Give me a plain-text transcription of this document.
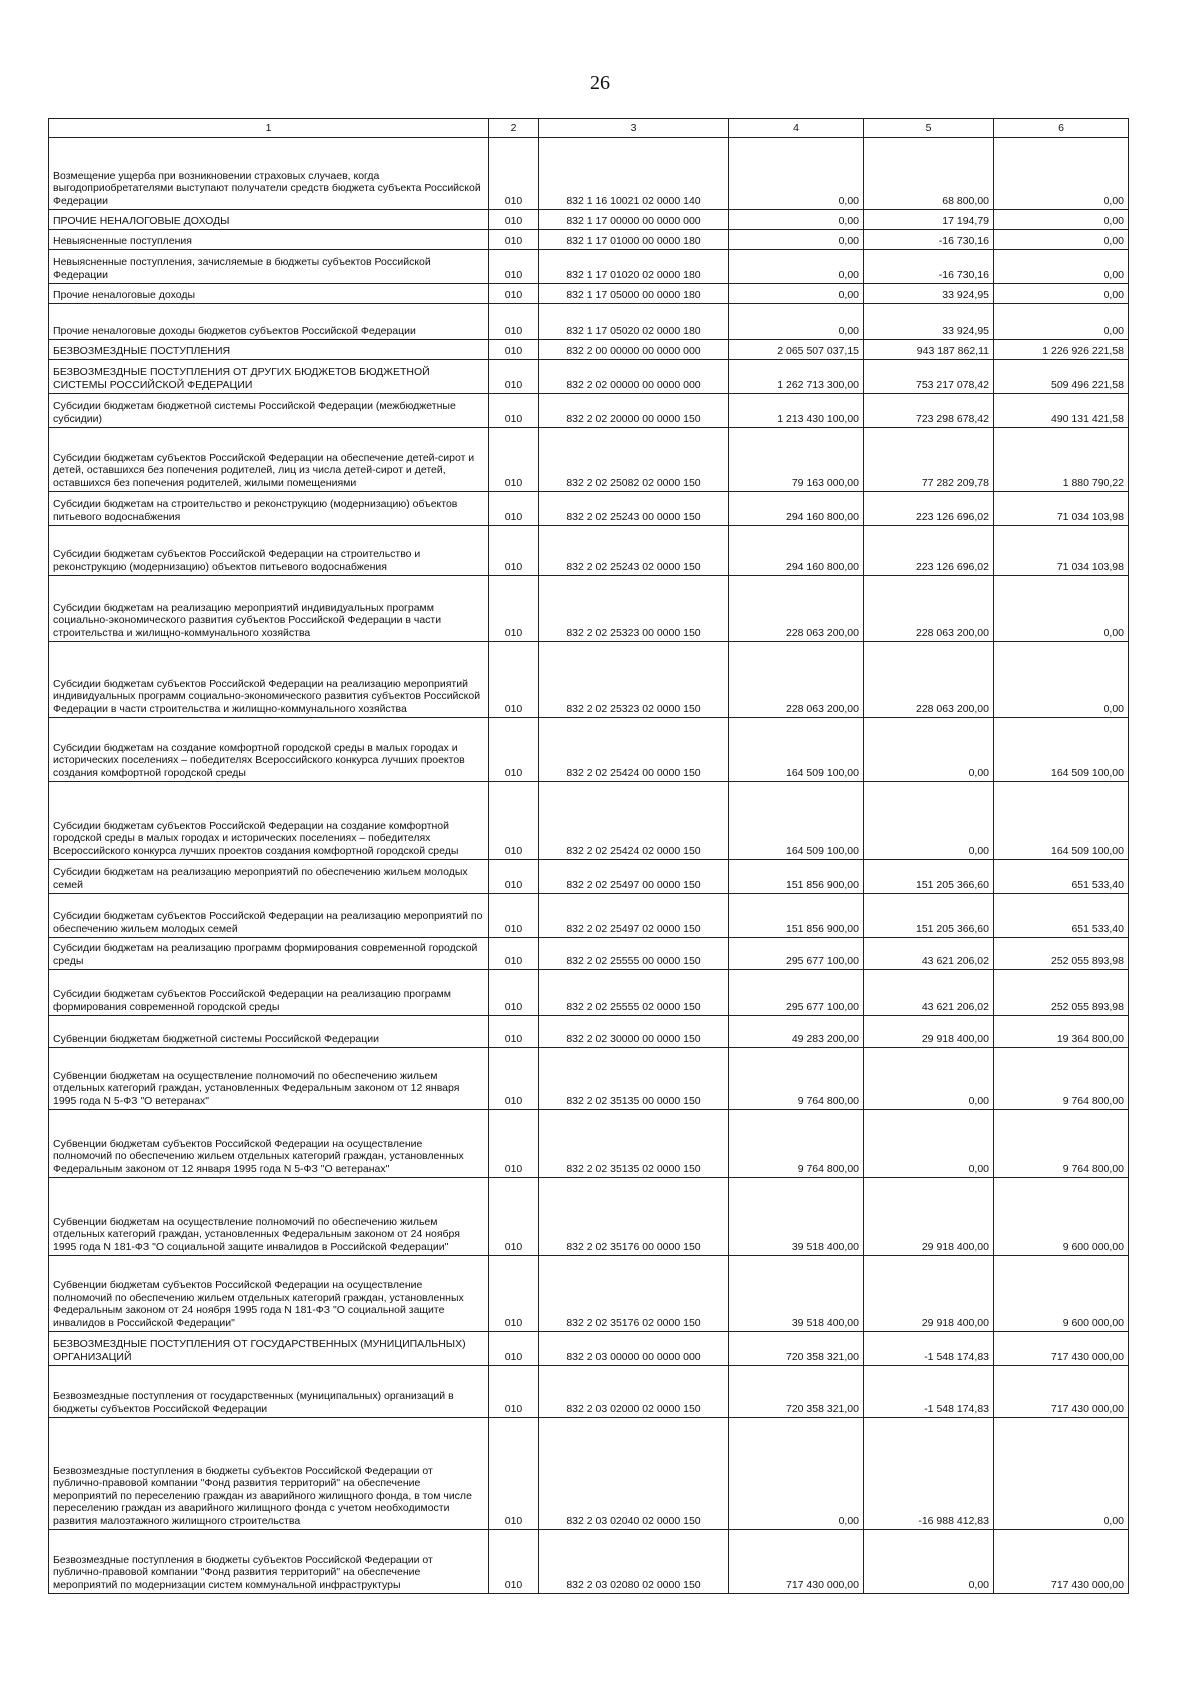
26
1	2	3	4	5	6
Возмещение ущерба при возникновении страховых случаев, когда выгодоприобретателями выступают получатели средств бюджета субъекта Российской Федерации	010	832 1 16 10021 02 0000 140	0,00	68 800,00	0,00
ПРОЧИЕ НЕНАЛОГОВЫЕ ДОХОДЫ	010	832 1 17 00000 00 0000 000	0,00	17 194,79	0,00
Невыясненные поступления	010	832 1 17 01000 00 0000 180	0,00	-16 730,16	0,00
Невыясненные поступления, зачисляемые в бюджеты субъектов Российской Федерации	010	832 1 17 01020 02 0000 180	0,00	-16 730,16	0,00
Прочие неналоговые доходы	010	832 1 17 05000 00 0000 180	0,00	33 924,95	0,00
Прочие неналоговые доходы бюджетов субъектов Российской Федерации	010	832 1 17 05020 02 0000 180	0,00	33 924,95	0,00
БЕЗВОЗМЕЗДНЫЕ ПОСТУПЛЕНИЯ	010	832 2 00 00000 00 0000 000	2 065 507 037,15	943 187 862,11	1 226 926 221,58
БЕЗВОЗМЕЗДНЫЕ ПОСТУПЛЕНИЯ ОТ ДРУГИХ БЮДЖЕТОВ БЮДЖЕТНОЙ СИСТЕМЫ РОССИЙСКОЙ ФЕДЕРАЦИИ	010	832 2 02 00000 00 0000 000	1 262 713 300,00	753 217 078,42	509 496 221,58
Субсидии бюджетам бюджетной системы Российской Федерации (межбюджетные субсидии)	010	832 2 02 20000 00 0000 150	1 213 430 100,00	723 298 678,42	490 131 421,58
Субсидии бюджетам субъектов Российской Федерации на обеспечение детей-сирот и детей, оставшихся без попечения родителей, лиц из числа детей-сирот и детей, оставшихся без попечения родителей, жилыми помещениями	010	832 2 02 25082 02 0000 150	79 163 000,00	77 282 209,78	1 880 790,22
Субсидии бюджетам на строительство и реконструкцию (модернизацию) объектов питьевого водоснабжения	010	832 2 02 25243 00 0000 150	294 160 800,00	223 126 696,02	71 034 103,98
Субсидии бюджетам субъектов Российской Федерации на строительство и реконструкцию (модернизацию) объектов питьевого водоснабжения	010	832 2 02 25243 02 0000 150	294 160 800,00	223 126 696,02	71 034 103,98
Субсидии бюджетам на реализацию мероприятий индивидуальных программ социально-экономического развития субъектов Российской Федерации в части строительства и жилищно-коммунального хозяйства	010	832 2 02 25323 00 0000 150	228 063 200,00	228 063 200,00	0,00
Субсидии бюджетам субъектов Российской Федерации на реализацию мероприятий индивидуальных программ социально-экономического развития субъектов Российской Федерации в части строительства и жилищно-коммунального хозяйства	010	832 2 02 25323 02 0000 150	228 063 200,00	228 063 200,00	0,00
Субсидии бюджетам на создание комфортной городской среды в малых городах и исторических поселениях – победителях Всероссийского конкурса лучших проектов создания комфортной городской среды	010	832 2 02 25424 00 0000 150	164 509 100,00	0,00	164 509 100,00
Субсидии бюджетам субъектов Российской Федерации на создание комфортной городской среды в малых городах и исторических поселениях – победителях Всероссийского конкурса лучших проектов создания комфортной городской среды	010	832 2 02 25424 02 0000 150	164 509 100,00	0,00	164 509 100,00
Субсидии бюджетам на реализацию мероприятий по обеспечению жильем молодых семей	010	832 2 02 25497 00 0000 150	151 856 900,00	151 205 366,60	651 533,40
Субсидии бюджетам субъектов Российской Федерации на реализацию мероприятий по обеспечению жильем молодых семей	010	832 2 02 25497 02 0000 150	151 856 900,00	151 205 366,60	651 533,40
Субсидии бюджетам на реализацию программ формирования современной городской среды	010	832 2 02 25555 00 0000 150	295 677 100,00	43 621 206,02	252 055 893,98
Субсидии бюджетам субъектов Российской Федерации на реализацию программ формирования современной городской среды	010	832 2 02 25555 02 0000 150	295 677 100,00	43 621 206,02	252 055 893,98
Субвенции бюджетам бюджетной системы Российской Федерации	010	832 2 02 30000 00 0000 150	49 283 200,00	29 918 400,00	19 364 800,00
Субвенции бюджетам на осуществление полномочий по обеспечению жильем отдельных категорий граждан, установленных Федеральным законом от 12 января 1995 года N 5-ФЗ "О ветеранах"	010	832 2 02 35135 00 0000 150	9 764 800,00	0,00	9 764 800,00
Субвенции бюджетам субъектов Российской Федерации на осуществление полномочий по обеспечению жильем отдельных категорий граждан, установленных Федеральным законом от 12 января 1995 года N 5-ФЗ "О ветеранах"	010	832 2 02 35135 02 0000 150	9 764 800,00	0,00	9 764 800,00
Субвенции бюджетам на осуществление полномочий по обеспечению жильем отдельных категорий граждан, установленных Федеральным законом от 24 ноября 1995 года N 181-ФЗ "О социальной защите инвалидов в Российской Федерации"	010	832 2 02 35176 00 0000 150	39 518 400,00	29 918 400,00	9 600 000,00
Субвенции бюджетам субъектов Российской Федерации на осуществление полномочий по обеспечению жильем отдельных категорий граждан, установленных Федеральным законом от 24 ноября 1995 года N 181-ФЗ "О социальной защите инвалидов в Российской Федерации"	010	832 2 02 35176 02 0000 150	39 518 400,00	29 918 400,00	9 600 000,00
БЕЗВОЗМЕЗДНЫЕ ПОСТУПЛЕНИЯ ОТ ГОСУДАРСТВЕННЫХ (МУНИЦИПАЛЬНЫХ) ОРГАНИЗАЦИЙ	010	832 2 03 00000 00 0000 000	720 358 321,00	-1 548 174,83	717 430 000,00
Безвозмездные поступления от государственных (муниципальных) организаций в бюджеты субъектов Российской Федерации	010	832 2 03 02000 02 0000 150	720 358 321,00	-1 548 174,83	717 430 000,00
Безвозмездные поступления в бюджеты субъектов Российской Федерации от публично-правовой компании "Фонд развития территорий" на обеспечение мероприятий по переселению граждан из аварийного жилищного фонда, в том числе переселению граждан из аварийного жилищного фонда с учетом необходимости развития малоэтажного жилищного строительства	010	832 2 03 02040 02 0000 150	0,00	-16 988 412,83	0,00
Безвозмездные поступления в бюджеты субъектов Российской Федерации от публично-правовой компании "Фонд развития территорий" на обеспечение мероприятий по модернизации систем коммунальной инфраструктуры	010	832 2 03 02080 02 0000 150	717 430 000,00	0,00	717 430 000,00
